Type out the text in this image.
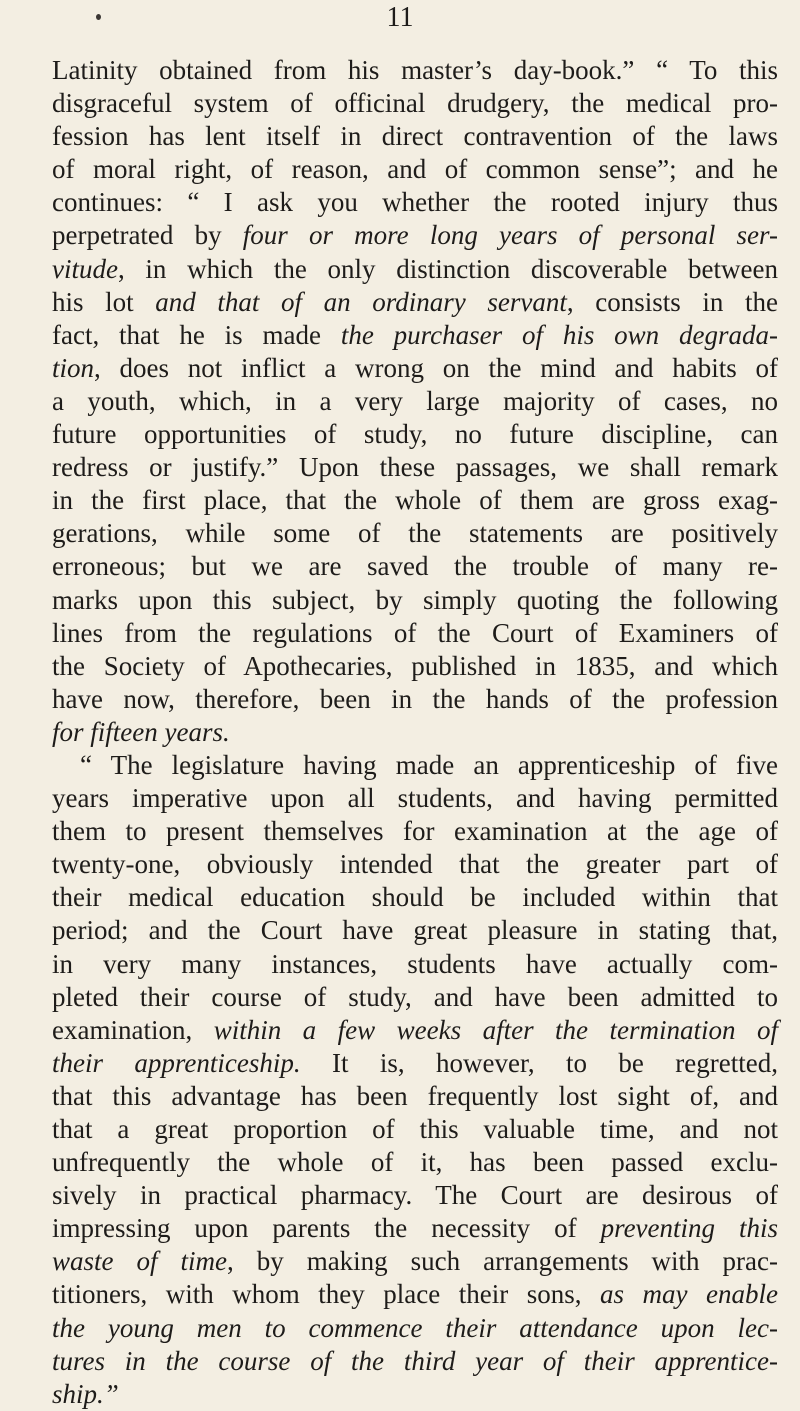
11
Latinity obtained from his master’s day-book.” “ To this
disgraceful system of officinal drudgery, the medical pro-
fession has lent itself in direct contravention of the laws
of moral right, of reason, and of common sense”; and he
continues: “ I ask you whether the rooted injury thus
perpetrated by four or more long years of personal ser-
vitude, in which the only distinction discoverable between
his lot and that of an ordinary servant, consists in the
fact, that he is made the purchaser of his own degrada-
tion, does not inflict a wrong on the mind and habits of
a youth, which, in a very large majority of cases, no
future opportunities of study, no future discipline, can
redress or justify.” Upon these passages, we shall remark
in the first place, that the whole of them are gross exag-
gerations, while some of the statements are positively
erroneous; but we are saved the trouble of many re-
marks upon this subject, by simply quoting the following
lines from the regulations of the Court of Examiners of
the Society of Apothecaries, published in 1835, and which
have now, therefore, been in the hands of the profession
for fifteen years.
“ The legislature having made an apprenticeship of five
years imperative upon all students, and having permitted
them to present themselves for examination at the age of
twenty-one, obviously intended that the greater part of
their medical education should be included within that
period; and the Court have great pleasure in stating that,
in very many instances, students have actually com-
pleted their course of study, and have been admitted to
examination, within a few weeks after the termination of
their apprenticeship. It is, however, to be regretted,
that this advantage has been frequently lost sight of, and
that a great proportion of this valuable time, and not
unfrequently the whole of it, has been passed exclu-
sively in practical pharmacy. The Court are desirous of
impressing upon parents the necessity of preventing this
waste of time, by making such arrangements with prac-
titioners, with whom they place their sons, as may enable
the young men to commence their attendance upon lec-
tures in the course of the third year of their apprentice-
ship.”
